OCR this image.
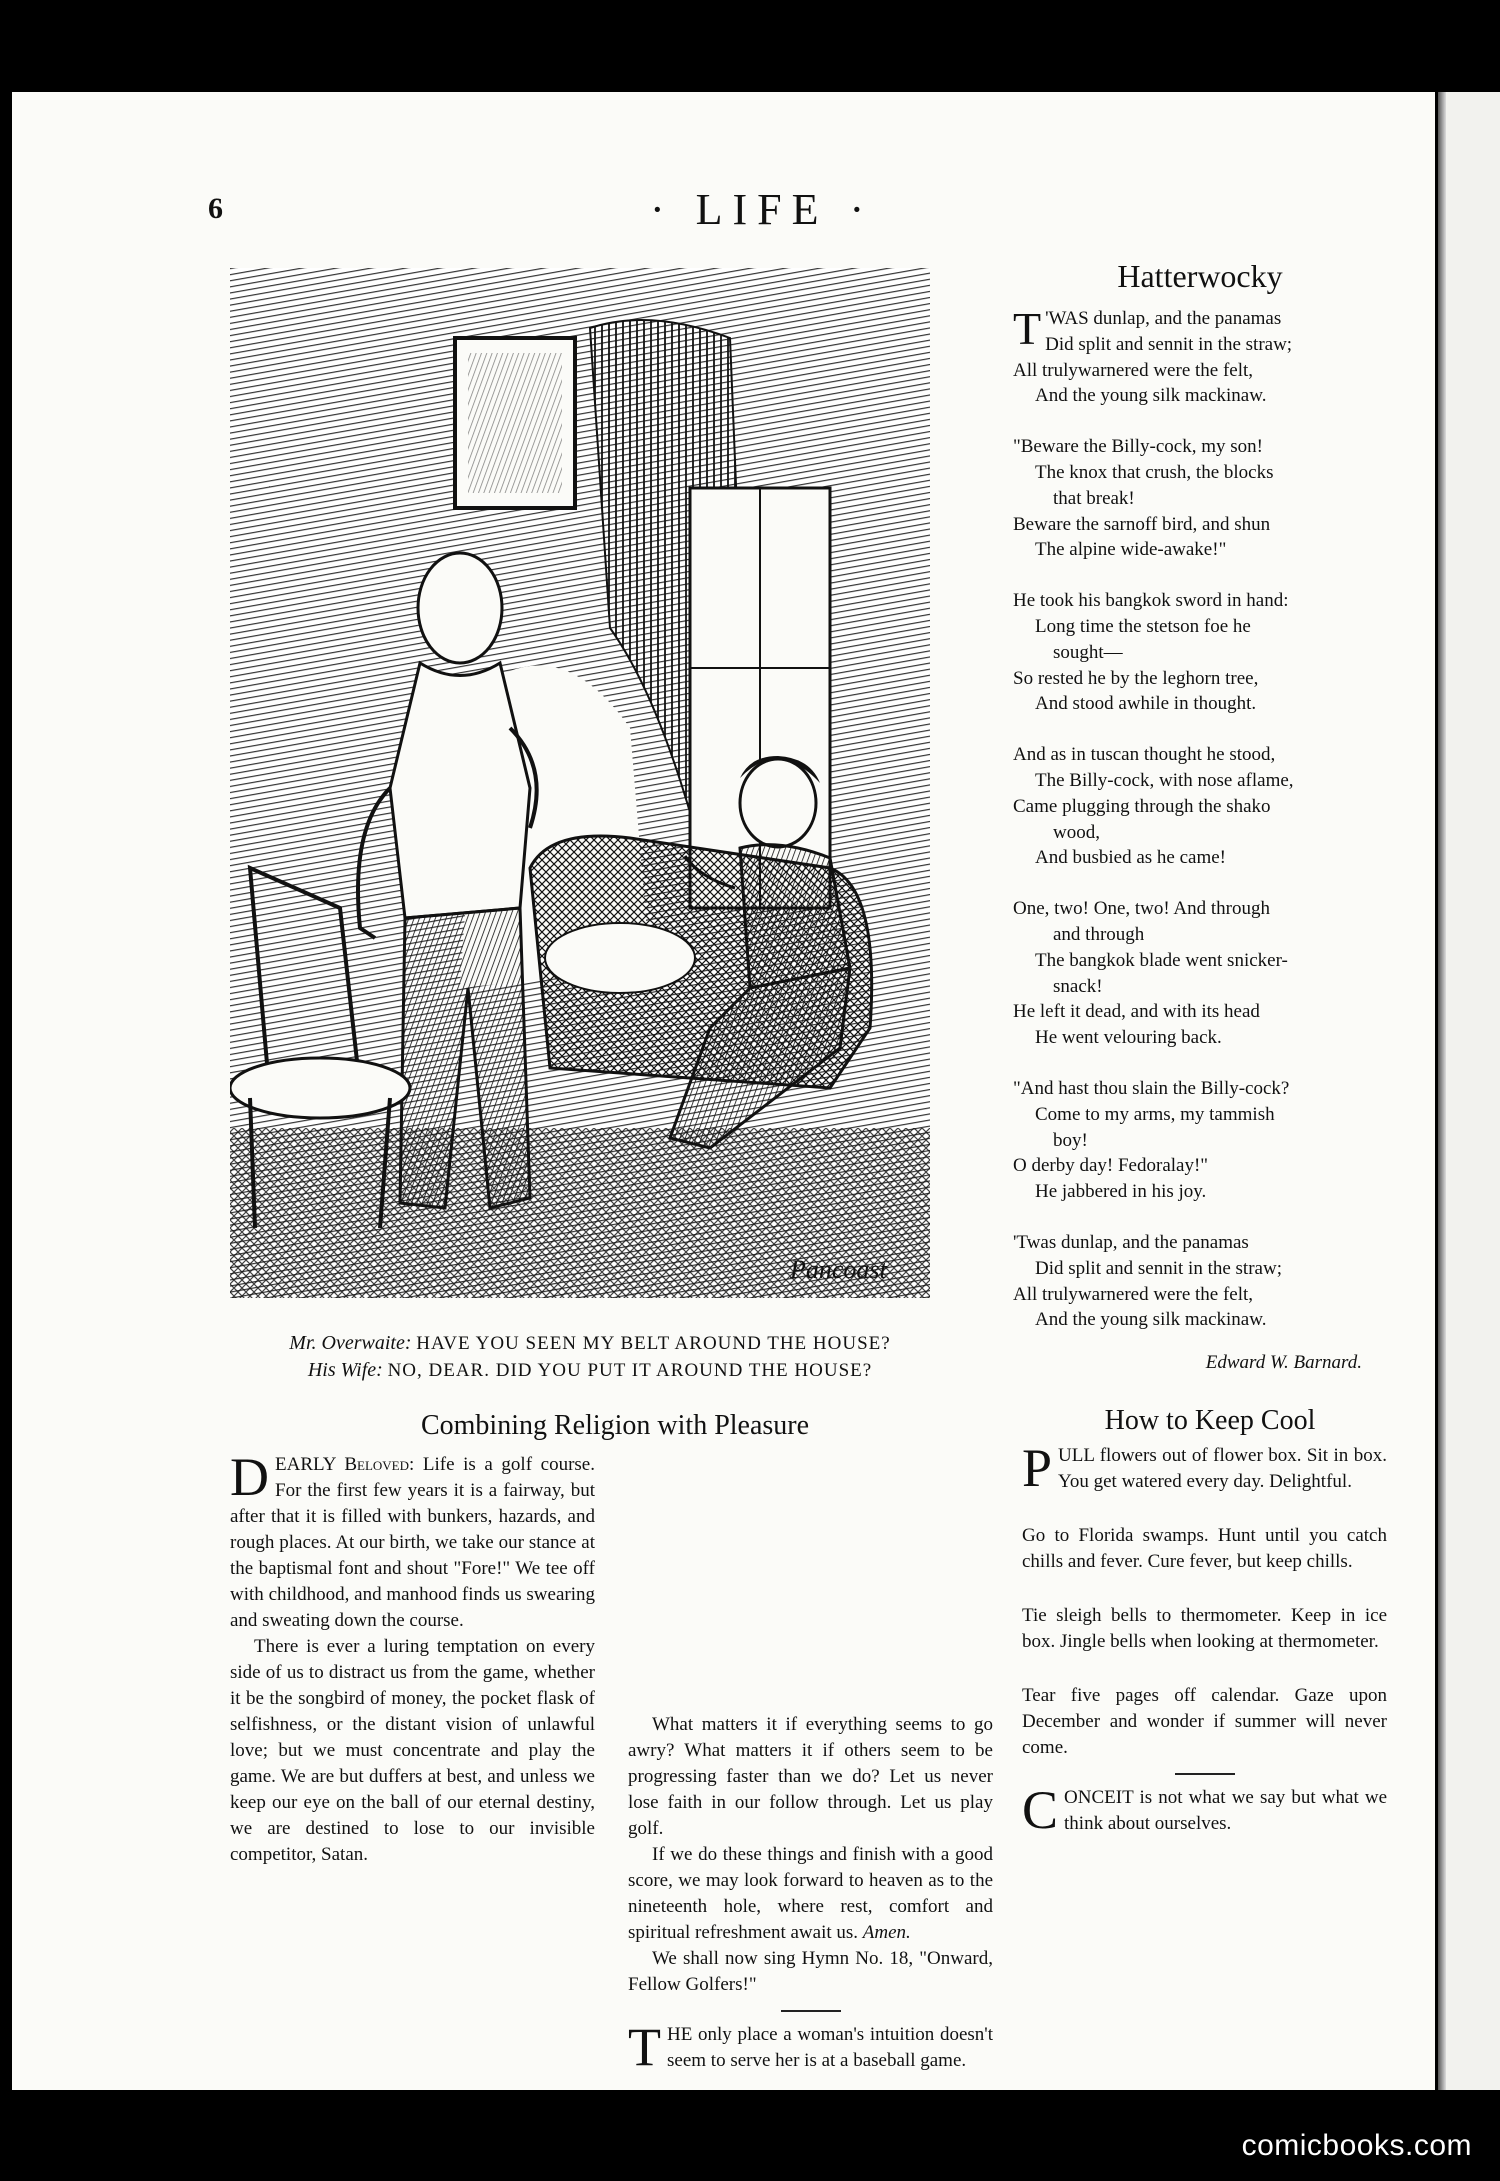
6	· LIFE ·
Pancoast
Mr. Overwaite: HAVE YOU SEEN MY BELT AROUND THE HOUSE?
His Wife: NO, DEAR. DID YOU PUT IT AROUND THE HOUSE?
Hatterwocky
T 'WAS dunlap, and the panamas
Did split and sennit in the straw;
All trulywarnered were the felt,
And the young silk mackinaw.
"Beware the Billy-cock, my son!
The knox that crush, the blocks
that break!
Beware the sarnoff bird, and shun
The alpine wide-awake!"
He took his bangkok sword in hand:
Long time the stetson foe he
sought—
So rested he by the leghorn tree,
And stood awhile in thought.
And as in tuscan thought he stood,
The Billy-cock, with nose aflame,
Came plugging through the shako
wood,
And busbied as he came!
One, two! One, two! And through
and through
The bangkok blade went snicker-
snack!
He left it dead, and with its head
He went velouring back.
"And hast thou slain the Billy-cock?
Come to my arms, my tammish
boy!
O derby day! Fedoralay!"
He jabbered in his joy.
'Twas dunlap, and the panamas
Did split and sennit in the straw;
All trulywarnered were the felt,
And the young silk mackinaw.
Edward W. Barnard.
Combining Religion with Pleasure

DEARLY Beloved: Life is a golf course. For the first few years it is a fairway, but after that it is filled with bunkers, hazards, and rough places. At our birth, we take our stance at the baptismal font and shout "Fore!" We tee off with childhood, and manhood finds us swearing and sweating down the course.

There is ever a luring temptation on every side of us to distract us from the game, whether it be the songbird of money, the pocket flask of selfishness, or the distant vision of unlawful love; but we must concentrate and play the game. We are but duffers at best, and unless we keep our eye on the ball of our eternal destiny, we are destined to lose to our invisible competitor, Satan.

What matters it if everything seems to go awry? What matters it if others seem to be progressing faster than we do? Let us never lose faith in our follow through. Let us play golf.

If we do these things and finish with a good score, we may look forward to heaven as to the nineteenth hole, where rest, comfort and spiritual refreshment await us. Amen.

We shall now sing Hymn No. 18, "Onward, Fellow Golfers!"

THE only place a woman's intuition doesn't seem to serve her is at a baseball game.

How to Keep Cool

PULL flowers out of flower box. Sit in box. You get watered every day. Delightful.

Go to Florida swamps. Hunt until you catch chills and fever. Cure fever, but keep chills.

Tie sleigh bells to thermometer. Keep in ice box. Jingle bells when looking at thermometer.

Tear five pages off calendar. Gaze upon December and wonder if summer will never come.

CONCEIT is not what we say but what we think about ourselves.

comicbooks.com
